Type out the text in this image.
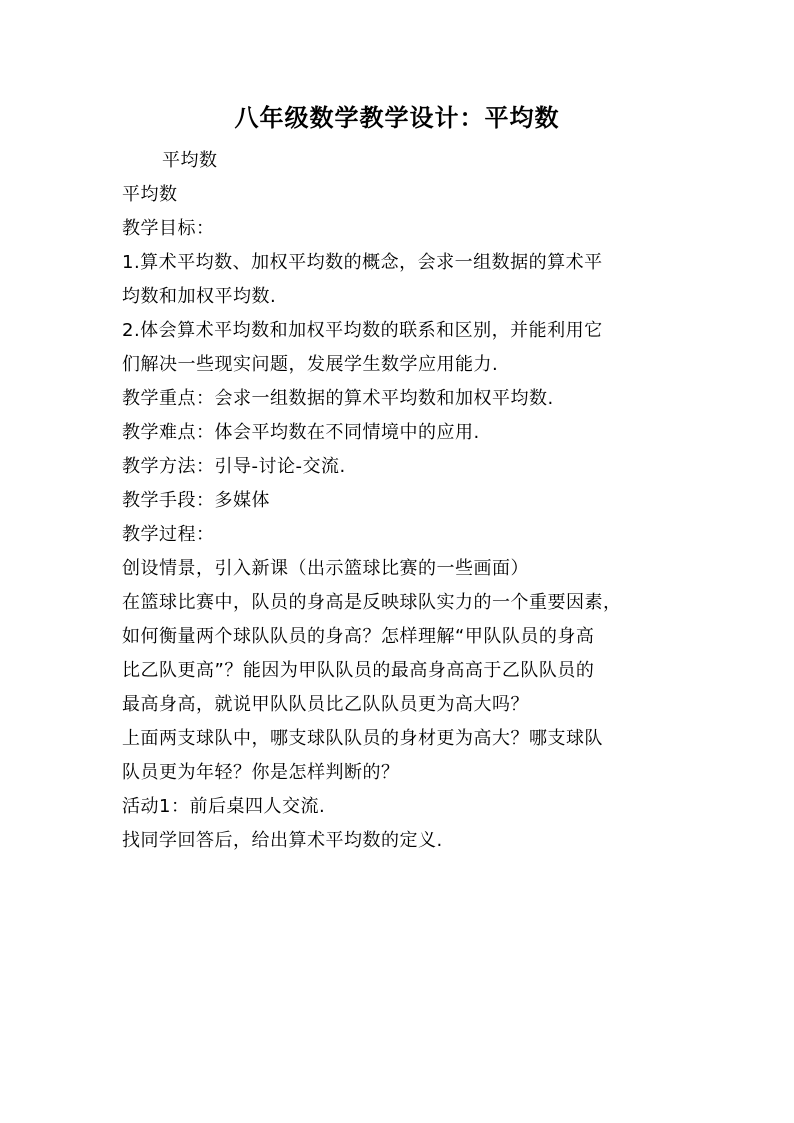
八年级数学教学设计：平均数
平均数
平均数
教学目标：
1.算术平均数、加权平均数的概念，会求一组数据的算术平
均数和加权平均数.
2.体会算术平均数和加权平均数的联系和区别，并能利用它
们解决一些现实问题，发展学生数学应用能力.
教学重点：会求一组数据的算术平均数和加权平均数.
教学难点：体会平均数在不同情境中的应用.
教学方法：引导-讨论-交流.
教学手段：多媒体
教学过程：
创设情景，引入新课（出示篮球比赛的一些画面）
在篮球比赛中，队员的身高是反映球队实力的一个重要因素，
如何衡量两个球队队员的身高？怎样理解“甲队队员的身高
比乙队更高”？能因为甲队队员的最高身高高于乙队队员的
最高身高，就说甲队队员比乙队队员更为高大吗？
上面两支球队中，哪支球队队员的身材更为高大？哪支球队
队员更为年轻？你是怎样判断的？
活动1：前后桌四人交流.
找同学回答后，给出算术平均数的定义.
